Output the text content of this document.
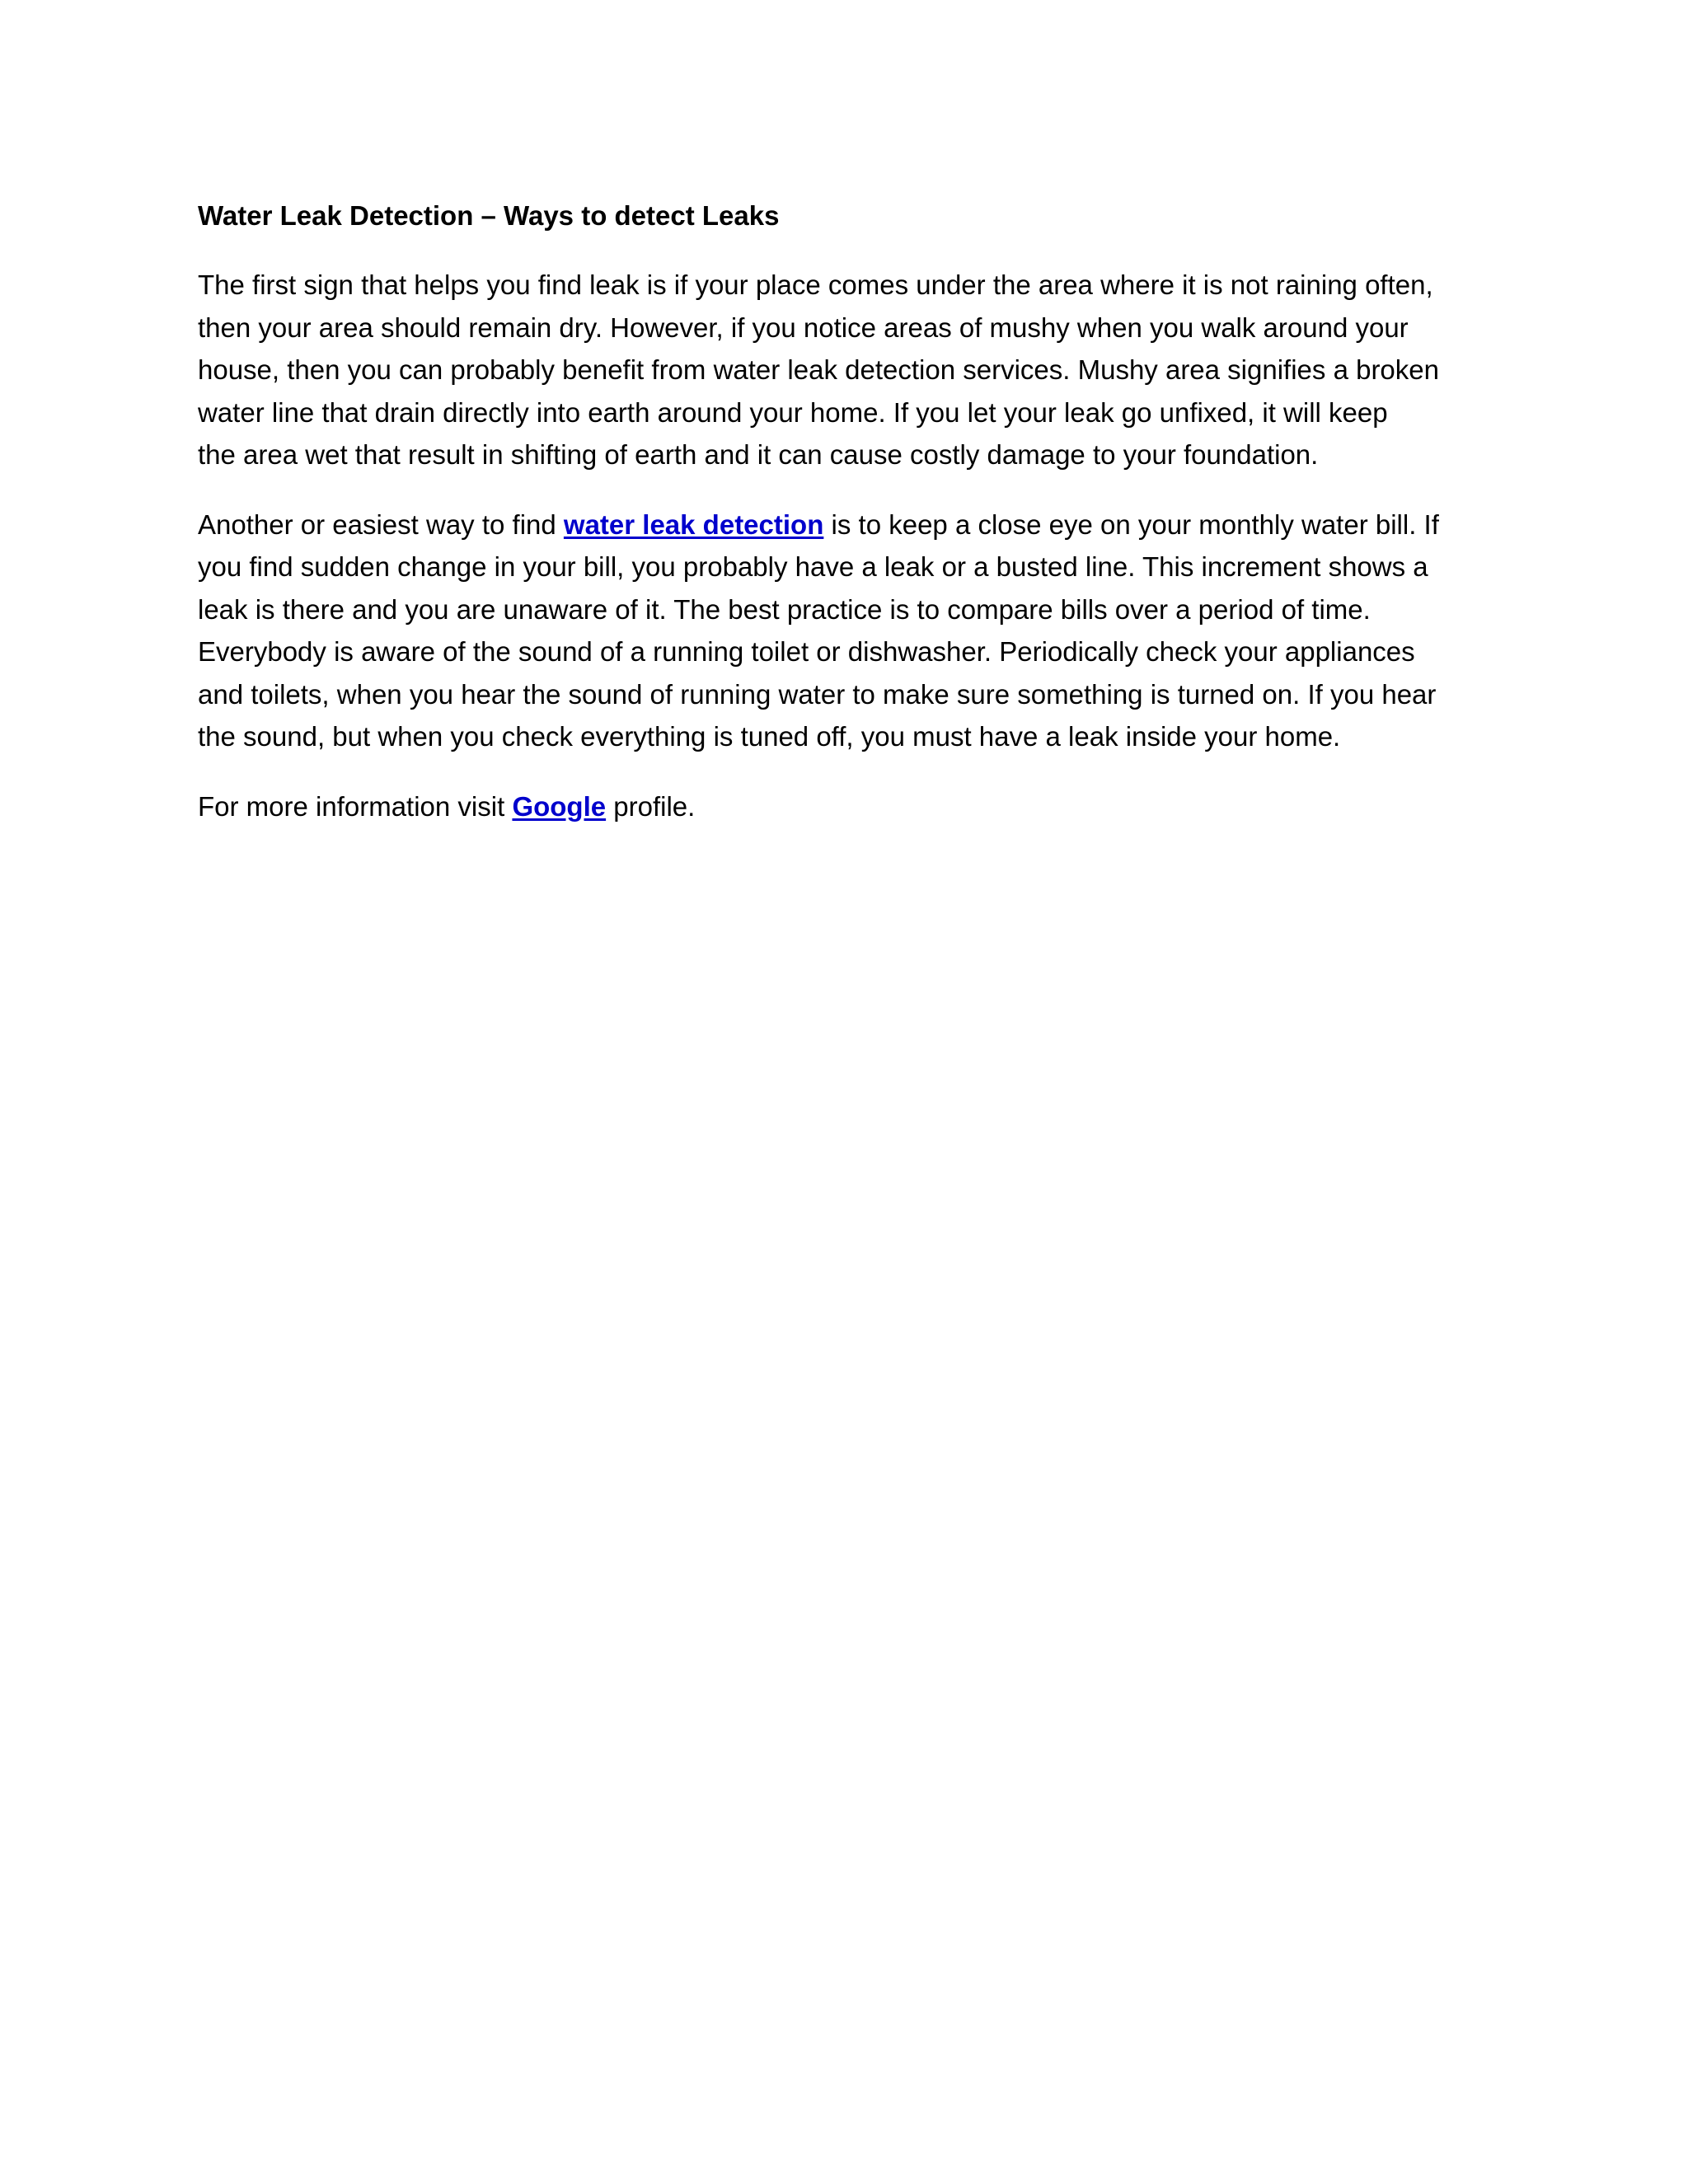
Water Leak Detection – Ways to detect Leaks
The first sign that helps you find leak is if your place comes under the area where it is not raining often,
then your area should remain dry. However, if you notice areas of mushy when you walk around your
house, then you can probably benefit from water leak detection services. Mushy area signifies a broken
water line that drain directly into earth around your home. If you let your leak go unfixed, it will keep
the area wet that result in shifting of earth and it can cause costly damage to your foundation.
Another or easiest way to find water leak detection is to keep a close eye on your monthly water bill. If
you find sudden change in your bill, you probably have a leak or a busted line. This increment shows a
leak is there and you are unaware of it. The best practice is to compare bills over a period of time.
Everybody is aware of the sound of a running toilet or dishwasher. Periodically check your appliances
and toilets, when you hear the sound of running water to make sure something is turned on. If you hear
the sound, but when you check everything is tuned off, you must have a leak inside your home.
For more information visit Google profile.
